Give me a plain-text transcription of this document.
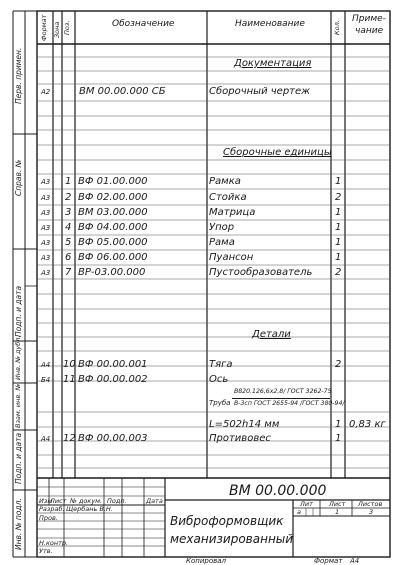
Перв. примен.
Справ. №
Подп. и дата
Инв. № дубл.
Взам. инв. №
Подп. и дата
Инв. № подл.
Формат Зона Поз.	Обозначение	Наименование	Кол.
Приме-
чание
Документация
А2	ВМ 00.00.000 СБ	Сборочный чертеж
Сборочные единицы
А3 1 ВФ 01.00.000	Рамка	1
А3 2 ВФ 02.00.000	Стойка	2
А3 3 ВМ 03.00.000	Матрица	1
А3 4 ВФ 04.00.000	Упор	1
А3 5 ВФ 05.00.000	Рама	1
А3 6 ВФ 06.00.000	Пуансон	1
А3 7 ВР-03.00.000	Пустообразователь 2
Детали
А4 10 ВФ 00.00.001	Тяга	2
Б4 11 ВФ 00.00.002	Ось
Труба
В820.126,6х2,8/ ГОСТ 3262-75
В-3сп ГОСТ 2655-94 /ГОСТ 380-94/
L=502h14 мм	1 0,83 кг
А4 12 ВФ 00.00.003	Противовес	1
ВМ 00.00.000
Виброформовщик
механизированный
Изм
Лист № докум. Подп.	Дата
Разраб. Щербань В.Н.
Пров.
Н.контр.
Утв.
Лит Лист Листов
а	1	3
Копировал	Формат А4
